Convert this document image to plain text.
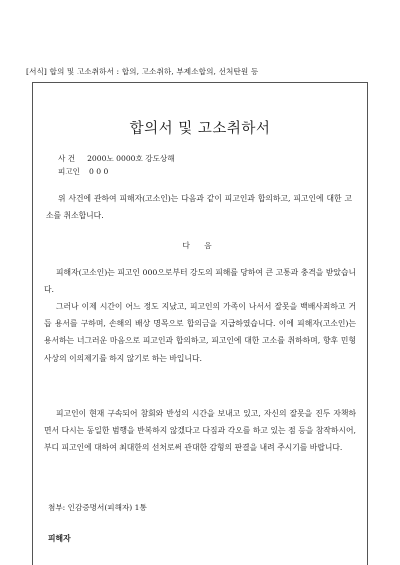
[서식] 합의 및 고소취하서 : 합의, 고소취하, 부제소합의, 선처탄원 등
합의서 및 고소취하서
사 건 2000노 0000호 강도상해
피고인 0 0 0

위 사건에 관하여 피해자(고소인)는 다음과 같이 피고인과 합의하고, 피고인에 대한 고소를 취소합니다.

다 음

피해자(고소인)는 피고인 000으로부터 강도의 피해를 당하여 큰 고통과 충격을 받았습니다.

그러나 이제 시간이 어느 정도 지났고, 피고인의 가족이 나서서 잘못을 백배사죄하고 거듭 용서를 구하며, 손해의 배상 명목으로 합의금을 지급하였습니다. 이에 피해자(고소인)는 용서하는 너그러운 마음으로 피고인과 합의하고, 피고인에 대한 고소를 취하하며, 향후 민형사상의 이의제기를 하지 않기로 하는 바입니다.

피고인이 현재 구속되어 참회와 반성의 시간을 보내고 있고, 자신의 잘못을 진두 자책하면서 다시는 동일한 범행을 반복하지 않겠다고 다짐과 각오를 하고 있는 점 등을 참작하시어, 부디 피고인에 대하여 최대한의 선처로써 관대한 감형의 판결을 내려 주시기를 바랍니다.

첨부: 인감증명서(피해자) 1통
피해자
